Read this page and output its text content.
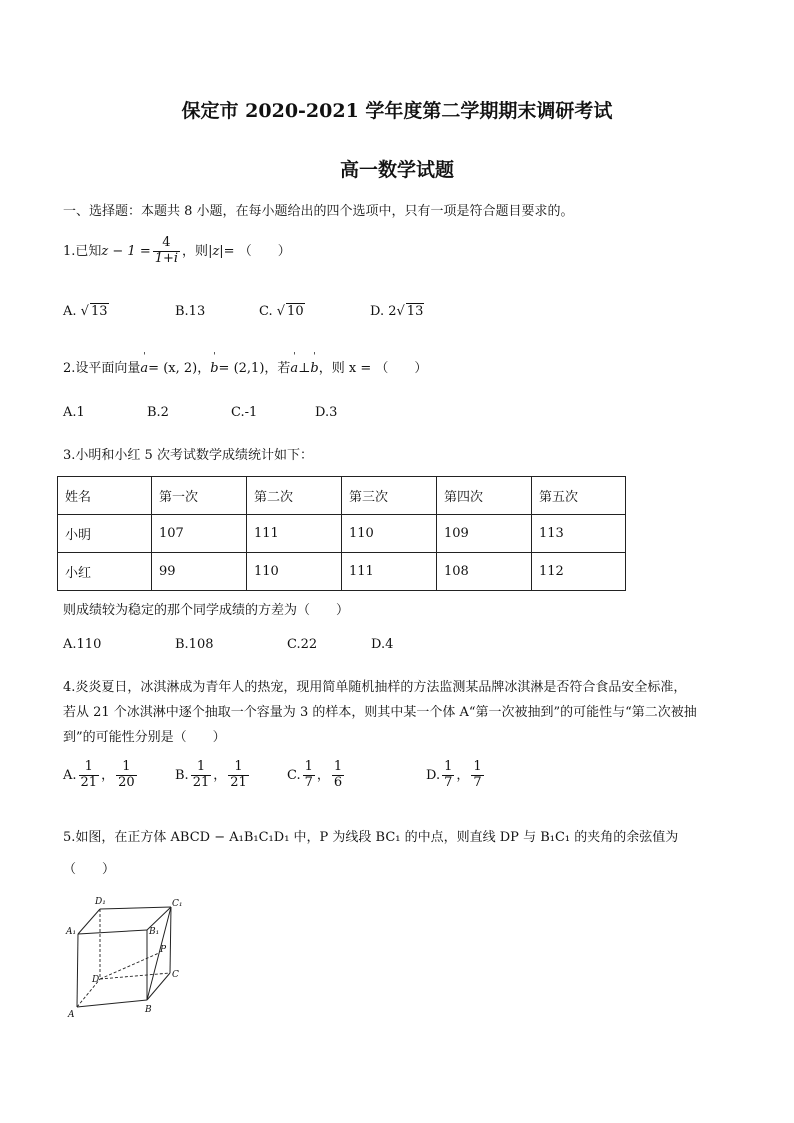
保定市 2020-2021 学年度第二学期期末调研考试
高一数学试题
一、选择题：本题共 8 小题，在每小题给出的四个选项中，只有一项是符合题目要求的。
1.已知$z - 1 = \frac{4}{1+i}$ ，则|z|= （　　）
A. √ 13	B.13	C. √ 10	D. 2√ 13
2.设平面向量' a= (x, 2)，' b= (2,1)，若' a⊥' b，则 x = （　　）
A.1	B.2	C.-1	D.3
3.小明和小红 5 次考试数学成绩统计如下：
姓名	第一次	第二次	第三次	第四次	第五次
小明	107	111	110	109	113
小红	99	110	111	108	112
则成绩较为稳定的那个同学成绩的方差为（　　）
A.110	B.108	C.22	D.4
4.炎炎夏日，冰淇淋成为青年人的热宠，现用简单随机抽样的方法监测某品牌冰淇淋是否符合食品安全标准，
若从 21 个冰淇淋中逐个抽取一个容量为 3 的样本，则其中某一个体 A“第一次被抽到”的可能性与“第二次被抽
到”的可能性分别是（　　）
A. $\frac{1}{21}$ ， $\frac{1}{20}$	B. $\frac{1}{21}$ ， $\frac{1}{21}$	C. $\frac{1}{7}$ ， $\frac{1}{6}$	D. $\frac{1}{7}$ ， $\frac{1}{7}$
5.如图，在正方体 ABCD − A₁B₁C₁D₁ 中，P 为线段 BC₁ 的中点，则直线 DP 与 B₁C₁ 的夹角的余弦值为
（　　）
A	B
C
D
A₁	B₁
C₁
D₁
P
